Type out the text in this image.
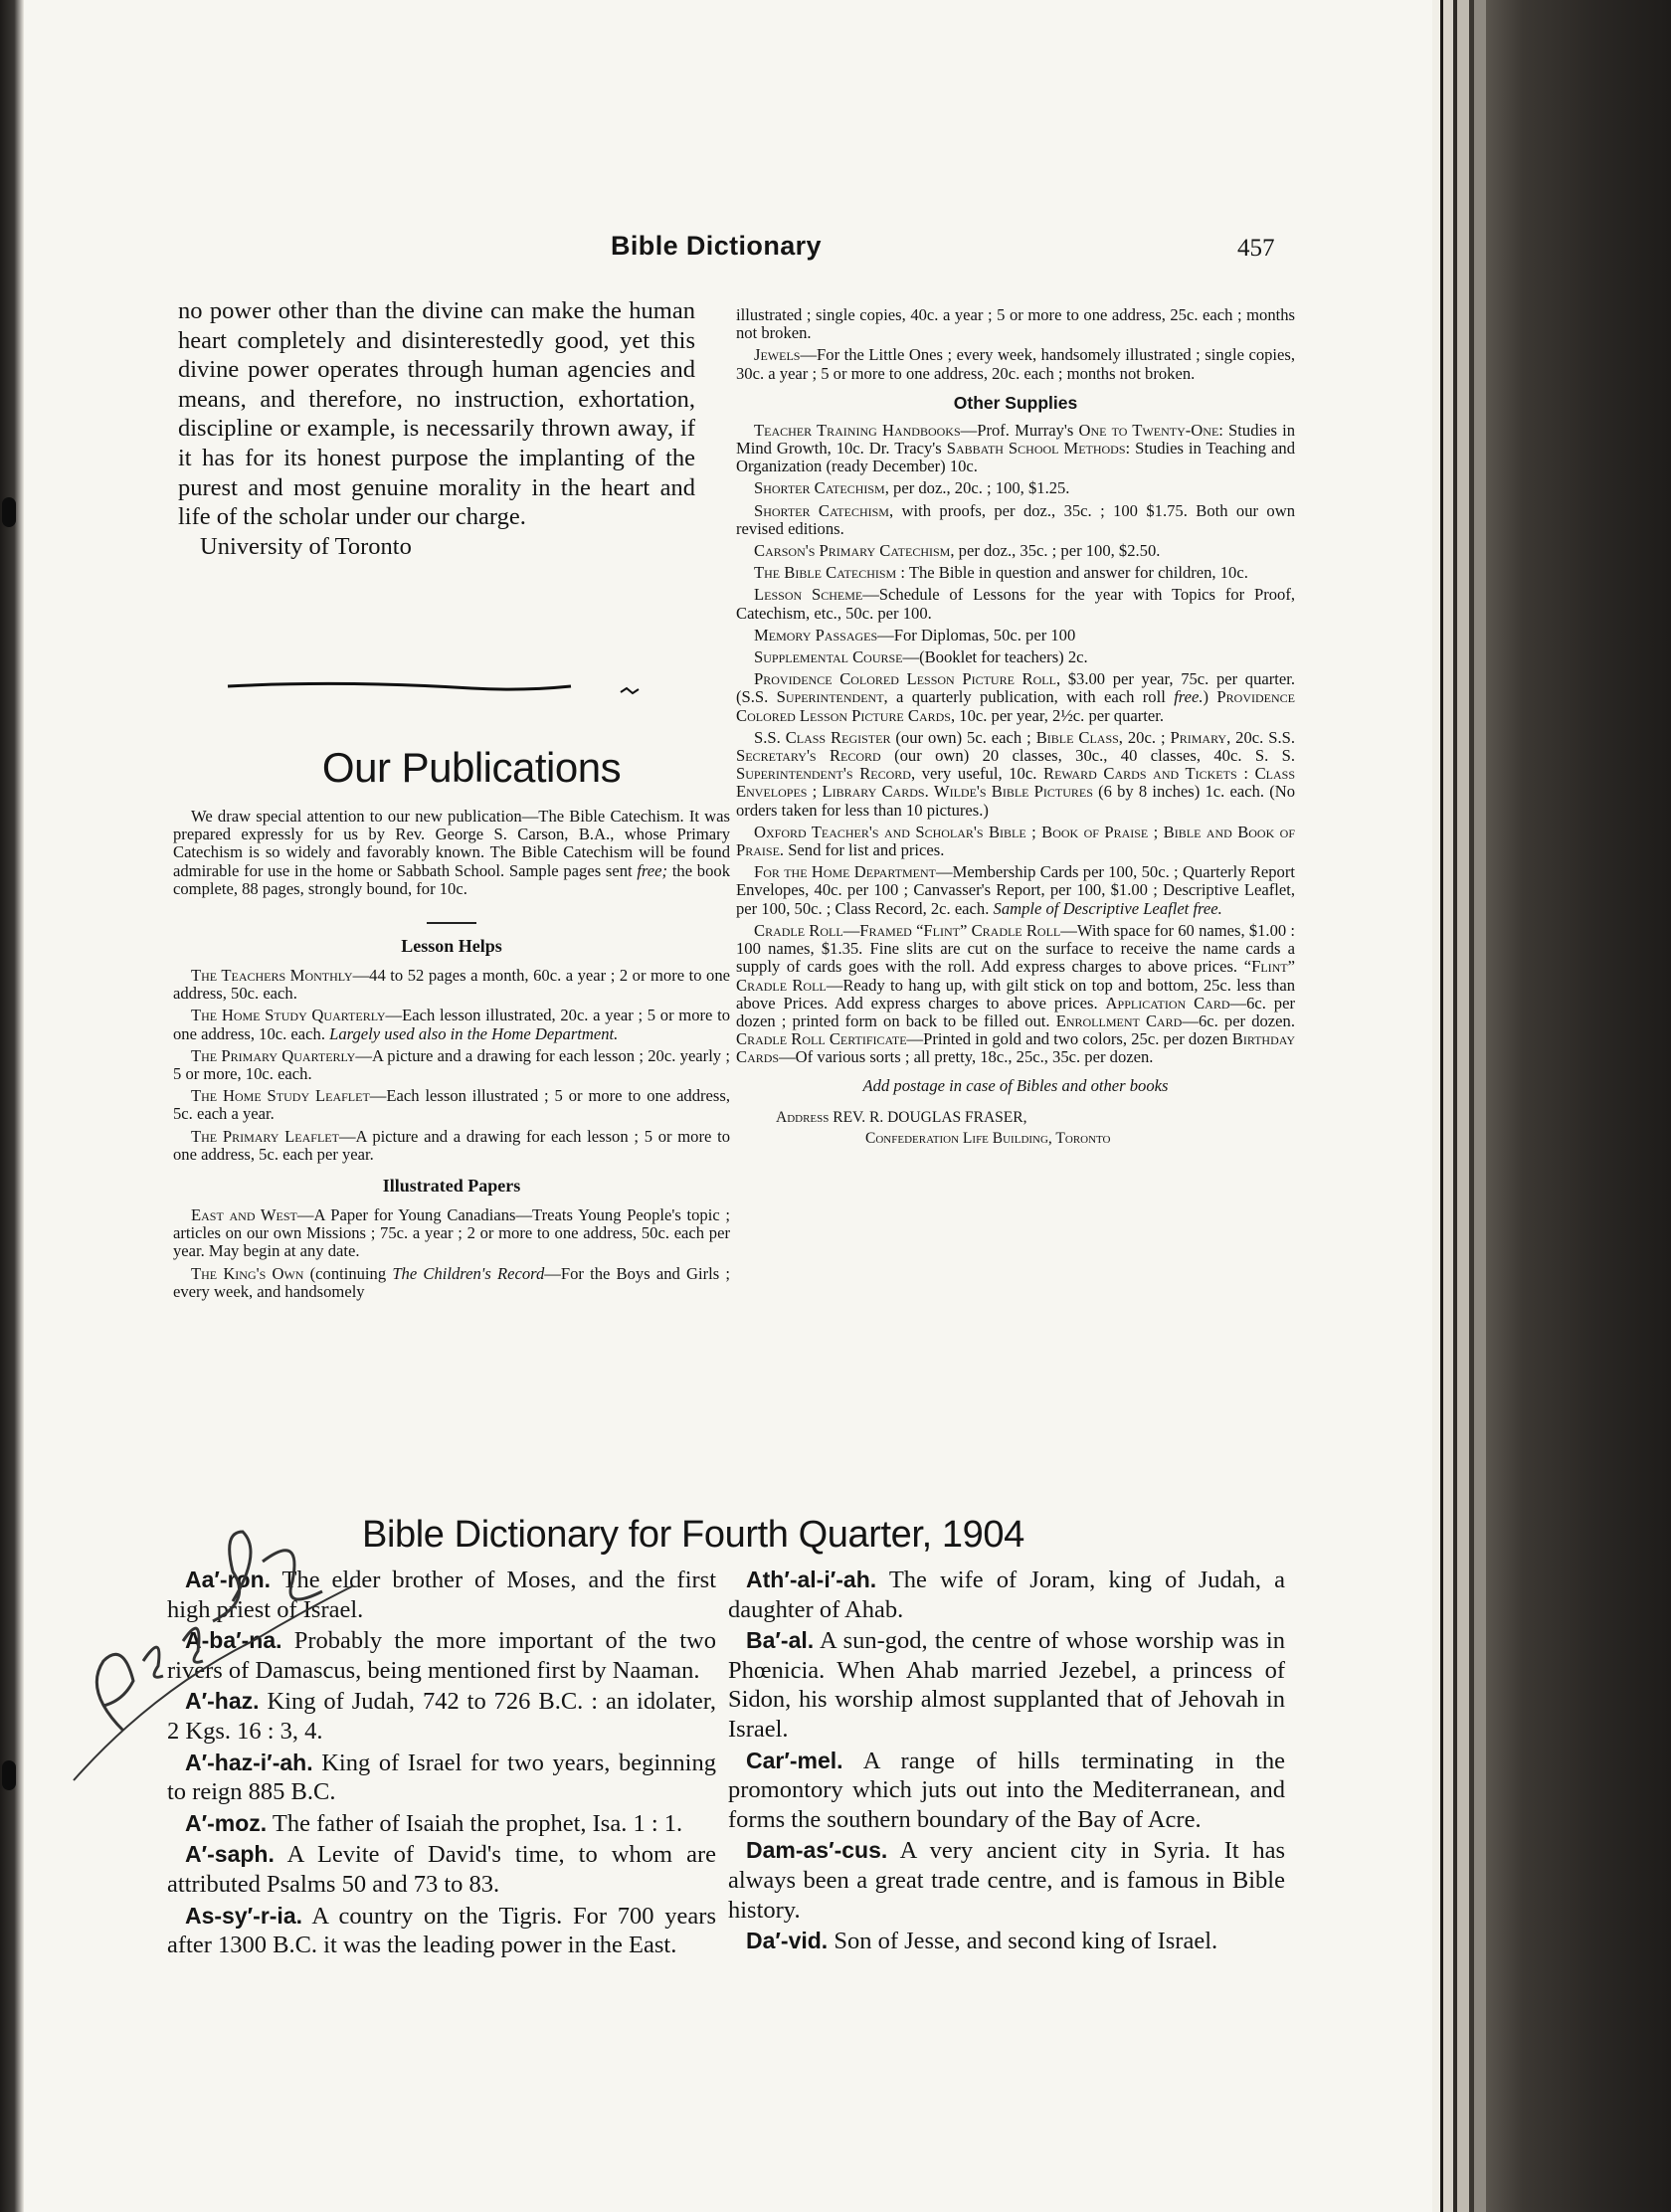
Bible Dictionary	457

no power other than the divine can make the human heart completely and disinterestedly good, yet this divine power operates through human agencies and means, and therefore, no instruction, exhortation, discipline or example, is necessarily thrown away, if it has for its honest purpose the implanting of the purest and most genuine morality in the heart and life of the scholar under our charge.

University of Toronto

Our Publications

We draw special attention to our new publication—The Bible Catechism. It was prepared expressly for us by Rev. George S. Carson, B.A., whose Primary Catechism is so widely and favorably known. The Bible Catechism will be found admirable for use in the home or Sabbath School. Sample pages sent free; the book complete, 88 pages, strongly bound, for 10c.

Lesson Helps

The Teachers Monthly—44 to 52 pages a month, 60c. a year ; 2 or more to one address, 50c. each.

The Home Study Quarterly—Each lesson illustrated, 20c. a year ; 5 or more to one address, 10c. each. Largely used also in the Home Department.

The Primary Quarterly—A picture and a drawing for each lesson ; 20c. yearly ; 5 or more, 10c. each.

The Home Study Leaflet—Each lesson illustrated ; 5 or more to one address, 5c. each a year.

The Primary Leaflet—A picture and a drawing for each lesson ; 5 or more to one address, 5c. each per year.

Illustrated Papers

East and West—A Paper for Young Canadians—Treats Young People's topic ; articles on our own Missions ; 75c. a year ; 2 or more to one address, 50c. each per year. May begin at any date.

The King's Own (continuing The Children's Record—For the Boys and Girls ; every week, and handsomely

illustrated ; single copies, 40c. a year ; 5 or more to one address, 25c. each ; months not broken.

Jewels—For the Little Ones ; every week, handsomely illustrated ; single copies, 30c. a year ; 5 or more to one address, 20c. each ; months not broken.

Other Supplies

Teacher Training Handbooks—Prof. Murray's One to Twenty-One: Studies in Mind Growth, 10c. Dr. Tracy's Sabbath School Methods: Studies in Teaching and Organization (ready December) 10c.

Shorter Catechism, per doz., 20c. ; 100, $1.25.

Shorter Catechism, with proofs, per doz., 35c. ; 100 $1.75. Both our own revised editions.

Carson's Primary Catechism, per doz., 35c. ; per 100, $2.50.

The Bible Catechism : The Bible in question and answer for children, 10c.

Lesson Scheme—Schedule of Lessons for the year with Topics for Proof, Catechism, etc., 50c. per 100.

Memory Passages—For Diplomas, 50c. per 100

Supplemental Course—(Booklet for teachers) 2c.

Providence Colored Lesson Picture Roll, $3.00 per year, 75c. per quarter. (S.S. Superintendent, a quarterly publication, with each roll free.) Providence Colored Lesson Picture Cards, 10c. per year, 2½c. per quarter.

S.S. Class Register (our own) 5c. each ; Bible Class, 20c. ; Primary, 20c. S.S. Secretary's Record (our own) 20 classes, 30c., 40 classes, 40c. S. S. Superintendent's Record, very useful, 10c. Reward Cards and Tickets : Class Envelopes ; Library Cards. Wilde's Bible Pictures (6 by 8 inches) 1c. each. (No orders taken for less than 10 pictures.)

Oxford Teacher's and Scholar's Bible ; Book of Praise ; Bible and Book of Praise. Send for list and prices.

For the Home Department—Membership Cards per 100, 50c. ; Quarterly Report Envelopes, 40c. per 100 ; Canvasser's Report, per 100, $1.00 ; Descriptive Leaflet, per 100, 50c. ; Class Record, 2c. each. Sample of Descriptive Leaflet free.

Cradle Roll—Framed “Flint” Cradle Roll—With space for 60 names, $1.00 : 100 names, $1.35. Fine slits are cut on the surface to receive the name cards a supply of cards goes with the roll. Add express charges to above prices. “Flint” Cradle Roll—Ready to hang up, with gilt stick on top and bottom, 25c. less than above Prices. Add express charges to above prices. Application Card—6c. per dozen ; printed form on back to be filled out. Enrollment Card—6c. per dozen. Cradle Roll Certificate—Printed in gold and two colors, 25c. per dozen Birthday Cards—Of various sorts ; all pretty, 18c., 25c., 35c. per dozen.

Add postage in case of Bibles and other books

Address REV. R. DOUGLAS FRASER,
Confederation Life Building, Toronto
Bible Dictionary for Fourth Quarter, 1904

Aa′-ron. The elder brother of Moses, and the first high priest of Israel.

A-ba′-na. Probably the more important of the two rivers of Damascus, being mentioned first by Naaman.

A′-haz. King of Judah, 742 to 726 B.C. : an idolater, 2 Kgs. 16 : 3, 4.

A′-haz-i′-ah. King of Israel for two years, beginning to reign 885 B.C.

A′-moz. The father of Isaiah the prophet, Isa. 1 : 1.

A′-saph. A Levite of David's time, to whom are attributed Psalms 50 and 73 to 83.

As-sy′-r-ia. A country on the Tigris. For 700 years after 1300 B.C. it was the leading power in the East.

Ath′-al-i′-ah. The wife of Joram, king of Judah, a daughter of Ahab.

Ba′-al. A sun-god, the centre of whose worship was in Phœnicia. When Ahab married Jezebel, a princess of Sidon, his worship almost supplanted that of Jehovah in Israel.

Car′-mel. A range of hills terminating in the promontory which juts out into the Mediterranean, and forms the southern boundary of the Bay of Acre.

Dam-as′-cus. A very ancient city in Syria. It has always been a great trade centre, and is famous in Bible history.

Da′-vid. Son of Jesse, and second king of Israel.
